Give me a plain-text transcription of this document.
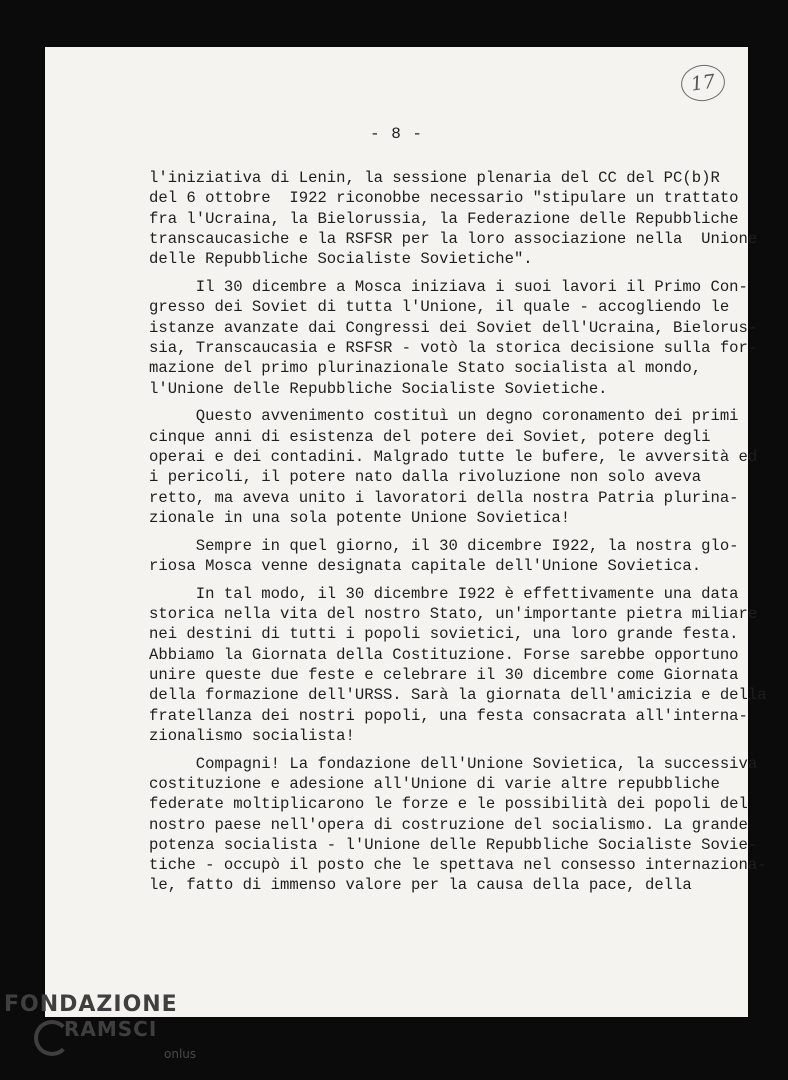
17
- 8 -
l'iniziativa di Lenin, la sessione plenaria del CC del PC(b)R
del 6 ottobre  I922 riconobbe necessario "stipulare un trattato
fra l'Ucraina, la Bielorussia, la Federazione delle Repubbliche
transcaucasiche e la RSFSR per la loro associazione nella  Unione
delle Repubbliche Socialiste Sovietiche".
Il 30 dicembre a Mosca iniziava i suoi lavori il Primo Con-
gresso dei Soviet di tutta l'Unione, il quale - accogliendo le
istanze avanzate dai Congressi dei Soviet dell'Ucraina, Bielorus-
sia, Transcaucasia e RSFSR - votò la storica decisione sulla for-
mazione del primo plurinazionale Stato socialista al mondo,
l'Unione delle Repubbliche Socialiste Sovietiche.
Questo avvenimento costituì un degno coronamento dei primi
cinque anni di esistenza del potere dei Soviet, potere degli
operai e dei contadini. Malgrado tutte le bufere, le avversità ed
i pericoli, il potere nato dalla rivoluzione non solo aveva
retto, ma aveva unito i lavoratori della nostra Patria plurina-
zionale in una sola potente Unione Sovietica!
Sempre in quel giorno, il 30 dicembre I922, la nostra glo-
riosa Mosca venne designata capitale dell'Unione Sovietica.
In tal modo, il 30 dicembre I922 è effettivamente una data
storica nella vita del nostro Stato, un'importante pietra miliare
nei destini di tutti i popoli sovietici, una loro grande festa.
Abbiamo la Giornata della Costituzione. Forse sarebbe opportuno
unire queste due feste e celebrare il 30 dicembre come Giornata
della formazione dell'URSS. Sarà la giornata dell'amicizia e della
fratellanza dei nostri popoli, una festa consacrata all'interna-
zionalismo socialista!
Compagni! La fondazione dell'Unione Sovietica, la successiva
costituzione e adesione all'Unione di varie altre repubbliche
federate moltiplicarono le forze e le possibilità dei popoli del
nostro paese nell'opera di costruzione del socialismo. La grande
potenza socialista - l'Unione delle Repubbliche Socialiste Sovie-
tiche - occupò il posto che le spettava nel consesso internaziona-
le, fatto di immenso valore per la causa della pace, della
FONDAZIONE
RAMSCI
onlus
